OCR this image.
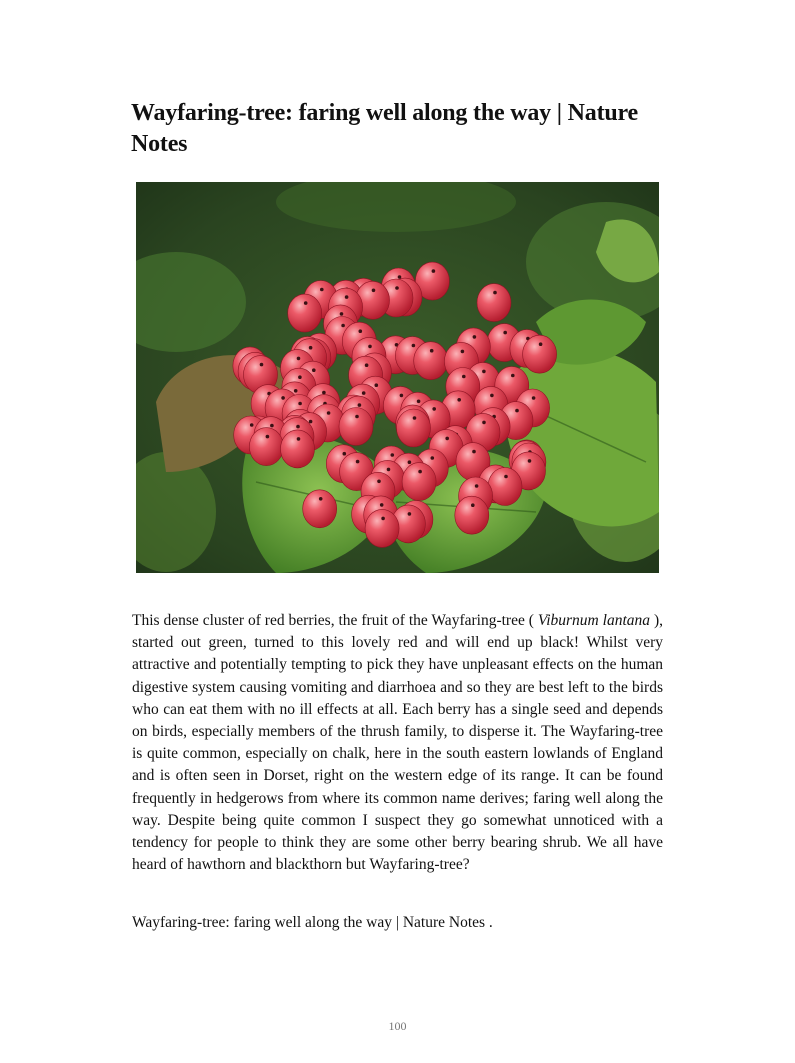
Wayfaring-tree: faring well along the way | Nature Notes

This dense cluster of red berries, the fruit of the Wayfaring-tree ( Viburnum lantana ), started out green, turned to this lovely red and will end up black! Whilst very attractive and potentially tempting to pick they have unpleasant effects on the human digestive system causing vomiting and diarrhoea and so they are best left to the birds who can eat them with no ill effects at all. Each berry has a single seed and depends on birds, especially members of the thrush family, to disperse it. The Wayfaring-tree is quite common, especially on chalk, here in the south eastern lowlands of England and is often seen in Dorset, right on the western edge of its range. It can be found frequently in hedgerows from where its common name derives; faring well along the way. Despite being quite common I suspect they go somewhat unnoticed with a tendency for people to think they are some other berry bearing shrub. We all have heard of hawthorn and blackthorn but Wayfaring-tree?

Wayfaring-tree: faring well along the way | Nature Notes .

100
